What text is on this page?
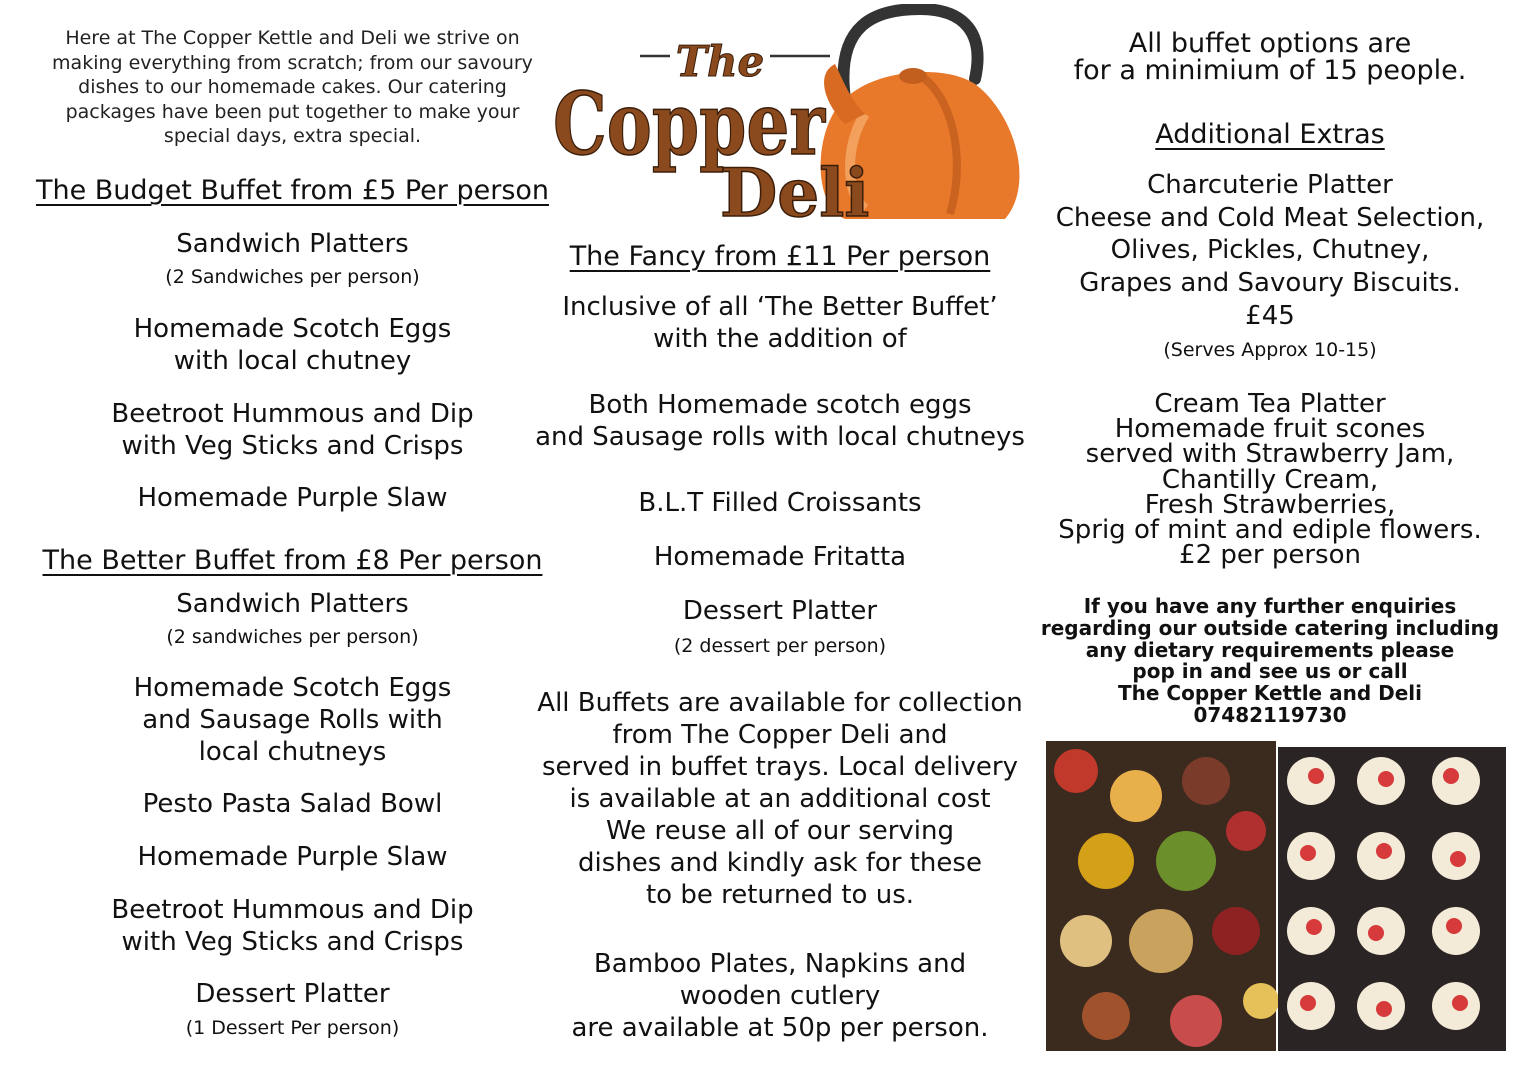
Here at The Copper Kettle and Deli we strive on making everything from scratch; from our savoury dishes to our homemade cakes. Our catering packages have been put together to make your special days, extra special.
The
Copper
Deli
The Budget Buffet from £5 Per person
Sandwich Platters
(2 Sandwiches per person)
Homemade Scotch Eggs
with local chutney
Beetroot Hummous and Dip
with Veg Sticks and Crisps
Homemade Purple Slaw
The Better Buffet from £8 Per person
Sandwich Platters
(2 sandwiches per person)
Homemade Scotch Eggs
and Sausage Rolls with
local chutneys
Pesto Pasta Salad Bowl
Homemade Purple Slaw
Beetroot Hummous and Dip
with Veg Sticks and Crisps
Dessert Platter
(1 Dessert Per person)
The Fancy from £11 Per person
Inclusive of all ‘The Better Buffet’
with the addition of
Both Homemade scotch eggs
and Sausage rolls with local chutneys
B.L.T Filled Croissants
Homemade Fritatta
Dessert Platter
(2 dessert per person)
All Buffets are available for collection
from The Copper Deli and
served in buffet trays. Local delivery
is available at an additional cost
We reuse all of our serving
dishes and kindly ask for these
to be returned to us.
Bamboo Plates, Napkins and
wooden cutlery
are available at 50p per person.
All buffet options are
for a minimium of 15 people.
Additional Extras
Charcuterie Platter
Cheese and Cold Meat Selection,
Olives, Pickles, Chutney,
Grapes and Savoury Biscuits.
£45
(Serves Approx 10-15)
Cream Tea Platter
Homemade fruit scones
served with Strawberry Jam,
Chantilly Cream,
Fresh Strawberries,
Sprig of mint and ediple flowers.
£2 per person
If you have any further enquiries
regarding our outside catering including
any dietary requirements please
pop in and see us or call
The Copper Kettle and Deli
07482119730
